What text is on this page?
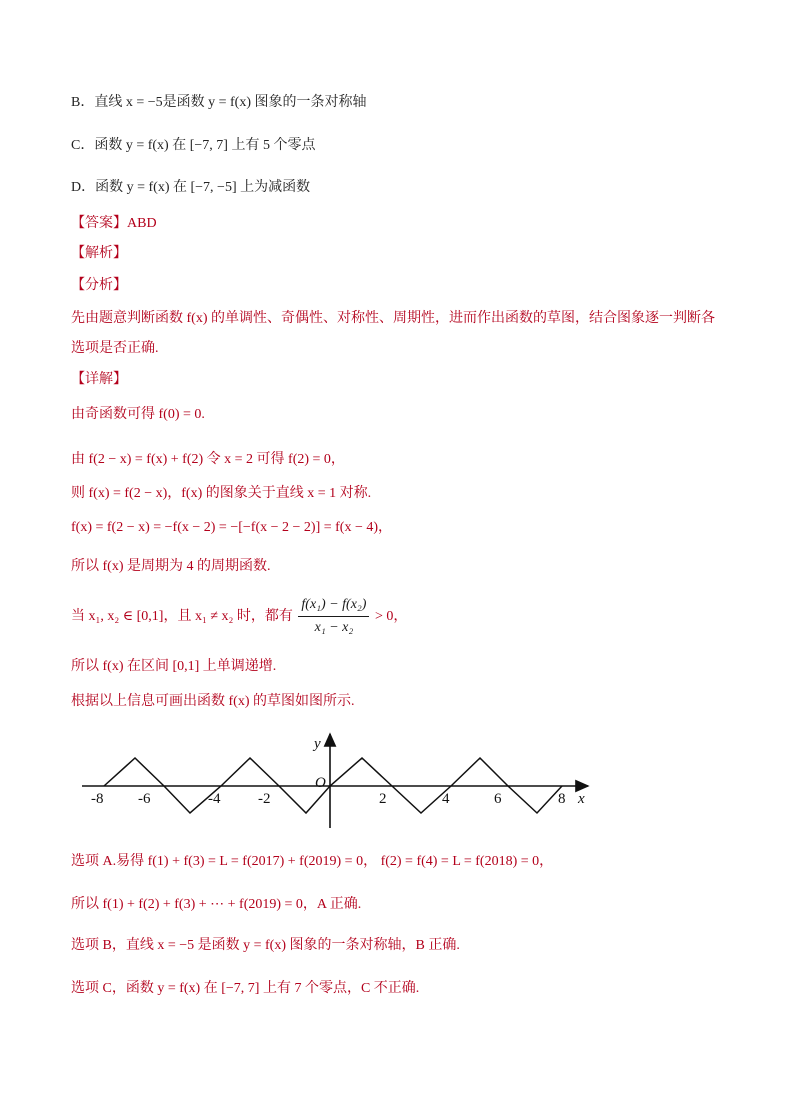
B．直线 x = −5是函数 y = f(x) 图象的一条对称轴
C．函数 y = f(x) 在 [−7, 7] 上有 5 个零点
D．函数 y = f(x) 在 [−7, −5] 上为减函数
【答案】ABD
【解析】
【分析】
先由题意判断函数 f(x) 的单调性、奇偶性、对称性、周期性，进而作出函数的草图，结合图象逐一判断各
选项是否正确.
【详解】
由奇函数可得 f(0) = 0.
由 f(2 − x) = f(x) + f(2) 令 x = 2 可得 f(2) = 0，
则 f(x) = f(2 − x)，f(x) 的图象关于直线 x = 1 对称.
f(x) = f(2 − x) = −f(x − 2) = −[−f(x − 2 − 2)] = f(x − 4)，
所以 f(x) 是周期为 4 的周期函数.
当 x₁, x₂ ∈ [0,1]，且 x₁ ≠ x₂ 时，都有 $\frac{\text{f(x₁) − f(x₂)}}{\text{x₁ − x₂}} > 0$，
所以 f(x) 在区间 [0,1] 上单调递增.
根据以上信息可画出函数 f(x) 的草图如图所示.
y
x
O
-8 -6	-4	-2	2	4	6	8
选项 A.易得 f(1) + f(3) = L = f(2017) + f(2019) = 0， f(2) = f(4) = L = f(2018) = 0，
所以 f(1) + f(2) + f(3) + ⋯ + f(2019) = 0，A 正确.
选项 B，直线 x = −5 是函数 y = f(x) 图象的一条对称轴，B 正确.
选项 C，函数 y = f(x) 在 [−7, 7] 上有 7 个零点，C 不正确.
